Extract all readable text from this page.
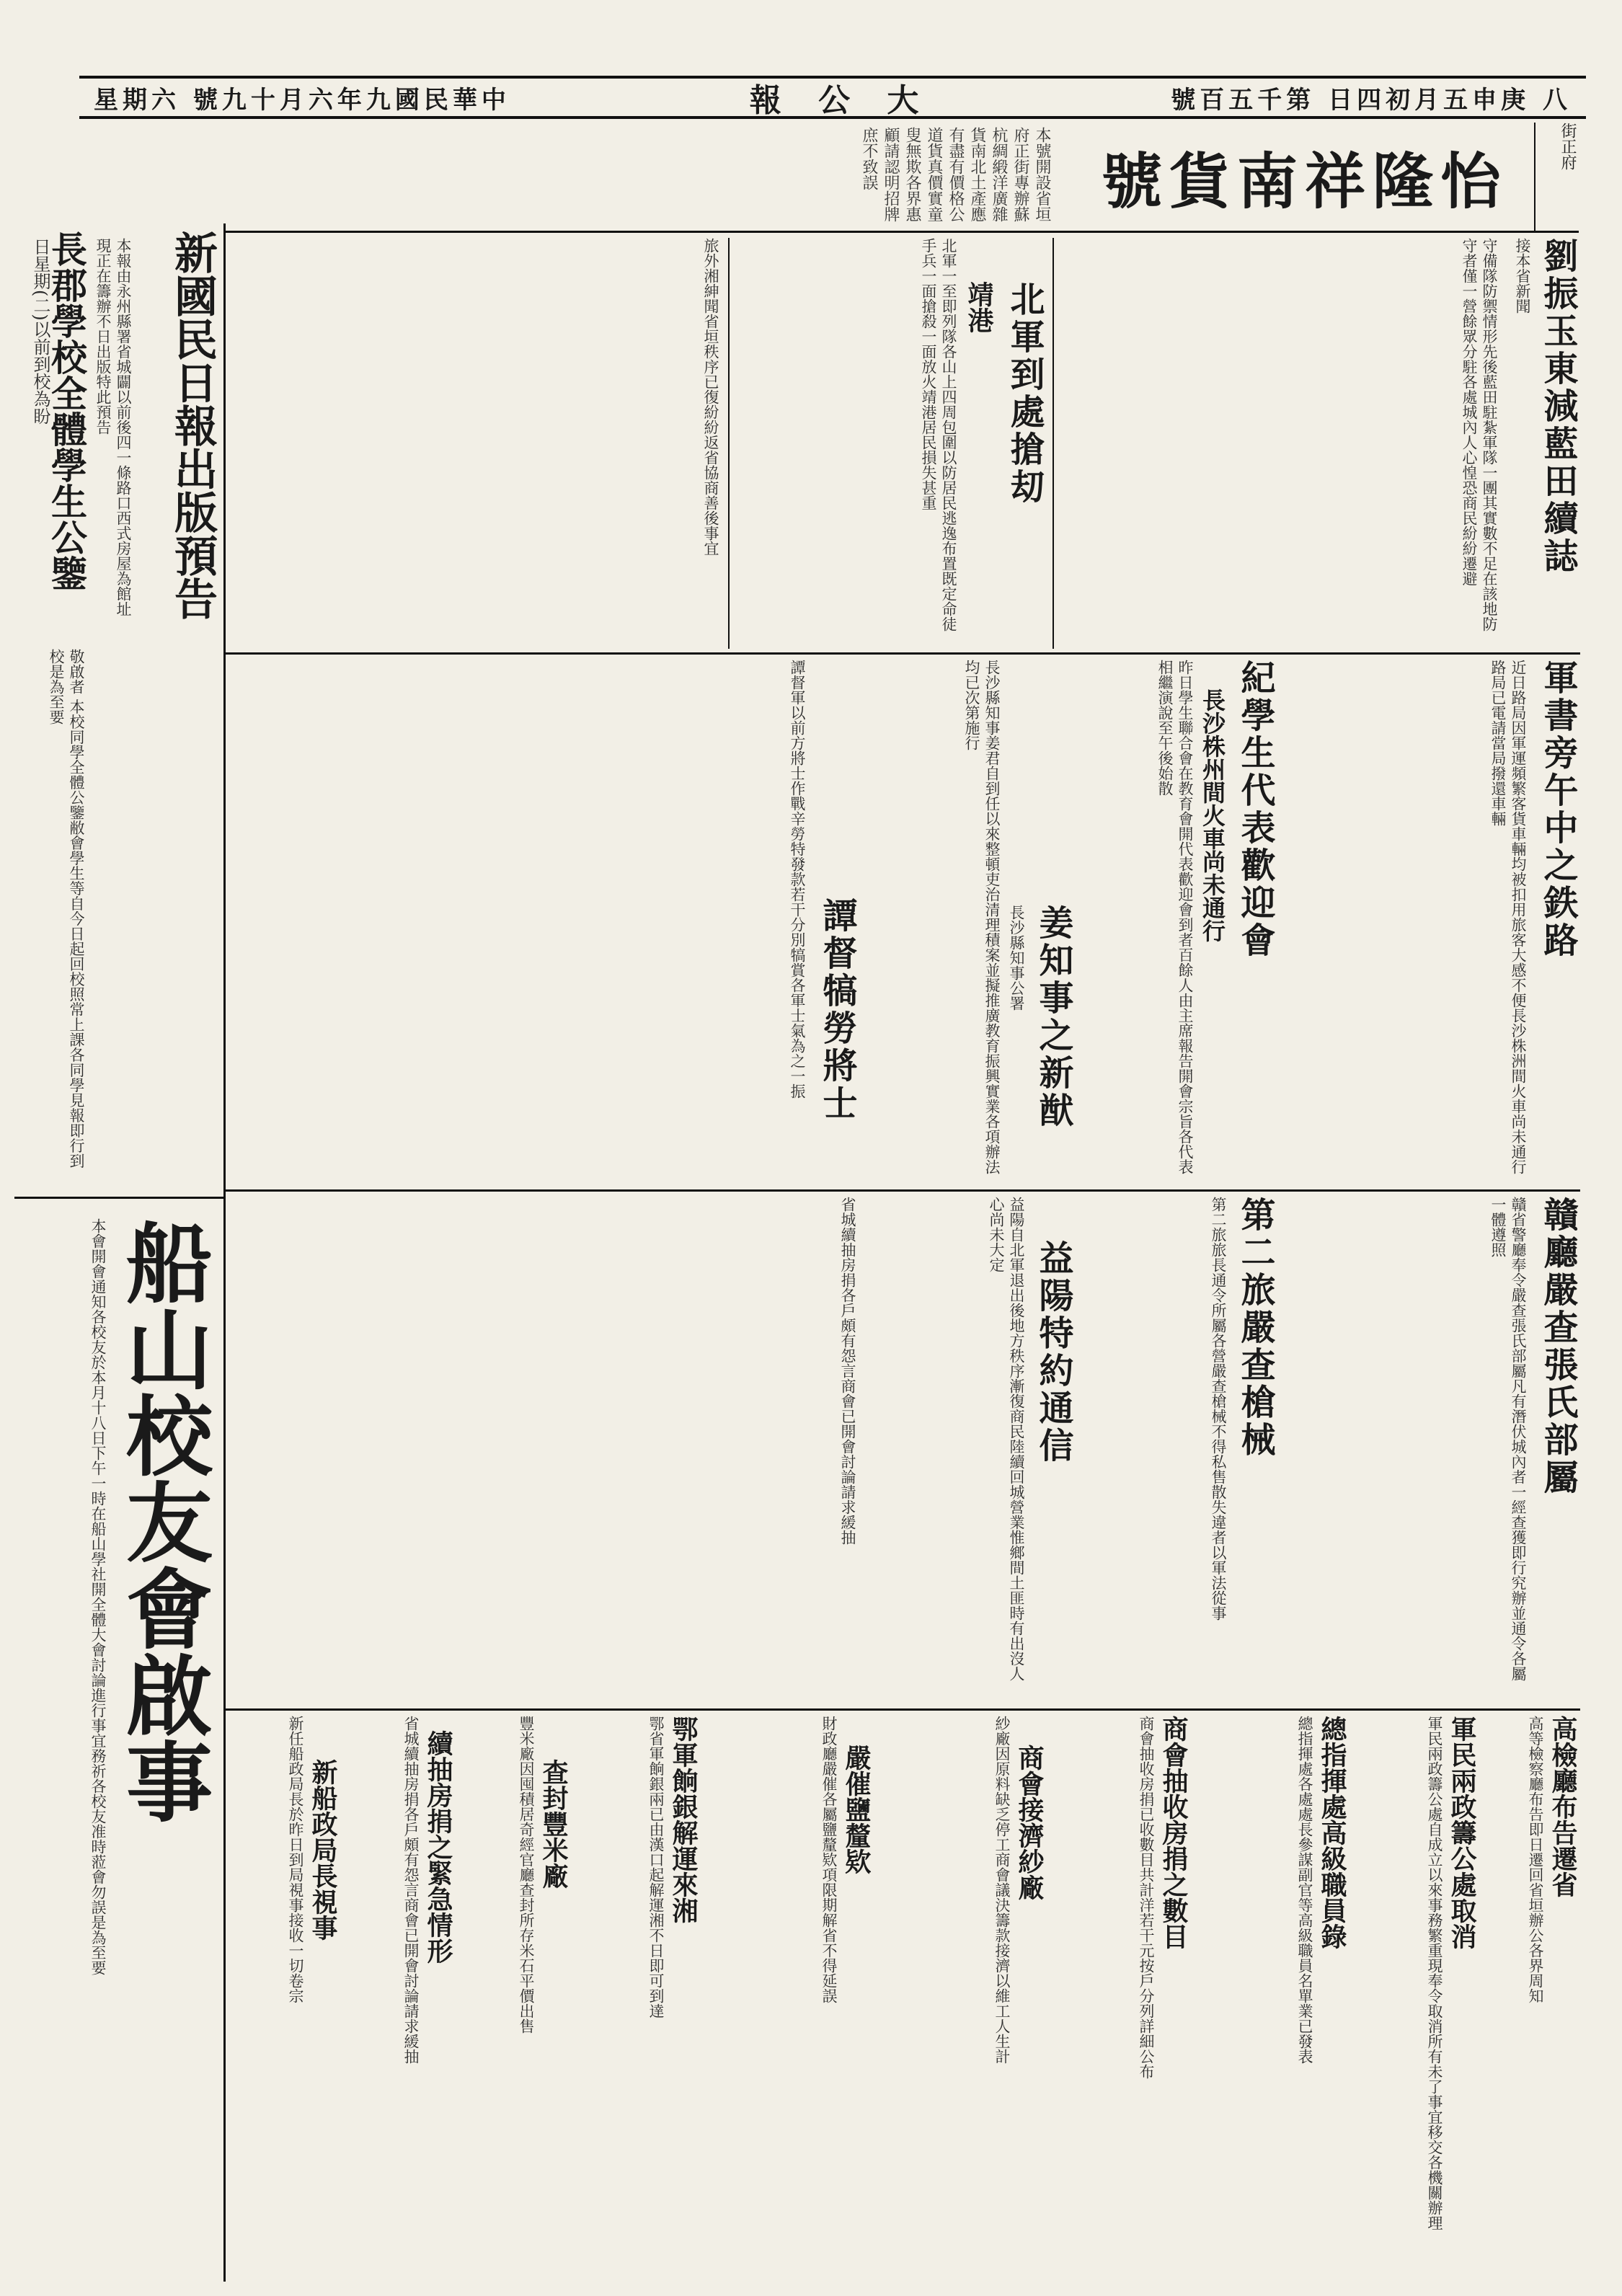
星期六 號九十月六年九國民華中	報 公 大	號百五千第 日四初月五申庚 八
本號開設省垣府正街專辦蘇杭綢緞洋廣雜貨南北土產應有盡有價格公道貨真價實童叟無欺各界惠顧請認明招牌庶不致誤	號貨南祥隆怡	街正府
新國民日報出版預告
本報由永州縣署省城闢以前後四一條路口西式房屋為館址現正在籌辦不日出版特此預告
長郡學校全體學生公鑒
敬啟者 本校同學全體公鑒敝會學生等自今日起回校照常上課各同學見報即行到校是為至要
日星期(二)以前到校為盼
船山校友會啟事
本會開會通知各校友於本月十八日下午一時在船山學社開全體大會討論進行事宜務祈各校友准時蒞會勿誤是為至要
劉振玉東減藍田續誌
接本省新聞
守備隊防禦情形先後藍田駐紮軍隊一團其實數不足在該地防守者僅一營餘眾分駐各處城內人心惶恐商民紛紛遷避
北軍到處搶刧
靖港
北軍一至即列隊各山上四周包圍以防居民逃逸布置既定命徒手兵一面搶殺一面放火靖港居民損失甚重
旅外湘紳聞省垣秩序已復紛紛返省協商善後事宜
軍書旁午中之鉄路
近日路局因軍運頻繁客貨車輛均被扣用旅客大感不便長沙株洲間火車尚未通行路局已電請當局撥還車輛
紀學生代表歡迎會
長沙株州間火車尚未通行
昨日學生聯合會在教育會開代表歡迎會到者百餘人由主席報告開會宗旨各代表相繼演說至午後始散
姜知事之新猷
長沙縣知事公署
長沙縣知事姜君自到任以來整頓吏治清理積案並擬推廣教育振興實業各項辦法均已次第施行
譚督犒勞將士
譚督軍以前方將士作戰辛勞特發款若干分別犒賞各軍士氣為之一振
贛廳嚴查張氏部屬
贛省警廳奉令嚴查張氏部屬凡有潛伏城內者一經查獲即行究辦並通令各屬一體遵照
第二旅嚴查槍械
第二旅旅長通令所屬各營嚴查槍械不得私售散失違者以軍法從事
益陽特約通信
益陽自北軍退出後地方秩序漸復商民陸續回城營業惟鄉間土匪時有出沒人心尚未大定
省城續抽房捐各戶頗有怨言商會已開會討論請求緩抽
高檢廳布告遷省
高等檢察廳布告即日遷回省垣辦公各界周知
軍民兩政籌公處取消
軍民兩政籌公處自成立以來事務繁重現奉令取消所有未了事宜移交各機關辦理
總指揮處高級職員錄
總指揮處各處處長參謀副官等高級職員名單業已發表
商會抽收房捐之數目
商會抽收房捐已收數目共計洋若干元按戶分列詳細公布
商會接濟紗廠
紗廠因原料缺乏停工商會議決籌款接濟以維工人生計
嚴催鹽釐欵
財政廳嚴催各屬鹽釐欵項限期解省不得延誤
鄂軍餉銀解運來湘
鄂省軍餉銀兩已由漢口起解運湘不日即可到達
查封豐米廠
豐米廠因囤積居奇經官廳查封所存米石平價出售
續抽房捐之緊急情形
省城續抽房捐各戶頗有怨言商會已開會討論請求緩抽
新船政局長視事
新任船政局長於昨日到局視事接收一切卷宗
